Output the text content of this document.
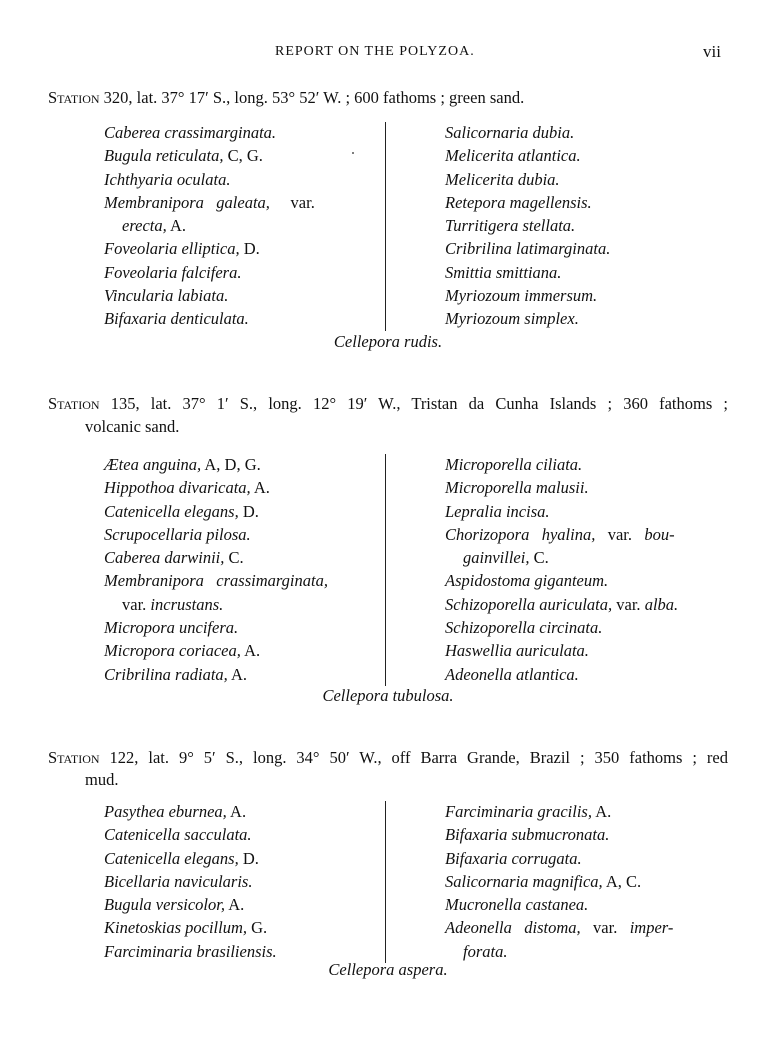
REPORT ON THE POLYZOA.	vii
Station 320, lat. 37° 17′ S., long. 53° 52′ W. ; 600 fathoms ; green sand.
Caberea crassimarginata.
Bugula reticulata, C, G.
Ichthyaria oculata.
Membranipora   galeata,     var.
erecta, A.
Foveolaria elliptica, D.
Foveolaria falcifera.
Vincularia labiata.
Bifaxaria denticulata.
Salicornaria dubia.
Melicerita atlantica.
Melicerita dubia.
Retepora magellensis.
Turritigera stellata.
Cribrilina latimarginata.
Smittia smittiana.
Myriozoum immersum.
Myriozoum simplex.
Cellepora rudis.
Station 135, lat. 37° 1′ S., long. 12° 19′ W., Tristan da Cunha Islands ; 360 fathoms ;
volcanic sand.
Ætea anguina, A, D, G.
Hippothoa divaricata, A.
Catenicella elegans, D.
Scrupocellaria pilosa.
Caberea darwinii, C.
Membranipora   crassimarginata,
var. incrustans.
Micropora uncifera.
Micropora coriacea, A.
Cribrilina radiata, A.
Microporella ciliata.
Microporella malusii.
Lepralia incisa.
Chorizopora   hyalina,   var.   bou-
gainvillei, C.
Aspidostoma giganteum.
Schizoporella auriculata, var. alba.
Schizoporella circinata.
Haswellia auriculata.
Adeonella atlantica.
Cellepora tubulosa.
Station 122, lat. 9° 5′ S., long. 34° 50′ W., off Barra Grande, Brazil ; 350 fathoms ; red
mud.
Pasythea eburnea, A.
Catenicella sacculata.
Catenicella elegans, D.
Bicellaria navicularis.
Bugula versicolor, A.
Kinetoskias pocillum, G.
Farciminaria brasiliensis.
Farciminaria gracilis, A.
Bifaxaria submucronata.
Bifaxaria corrugata.
Salicornaria magnifica, A, C.
Mucronella castanea.
Adeonella   distoma,   var.   imper-
forata.
Cellepora aspera.
